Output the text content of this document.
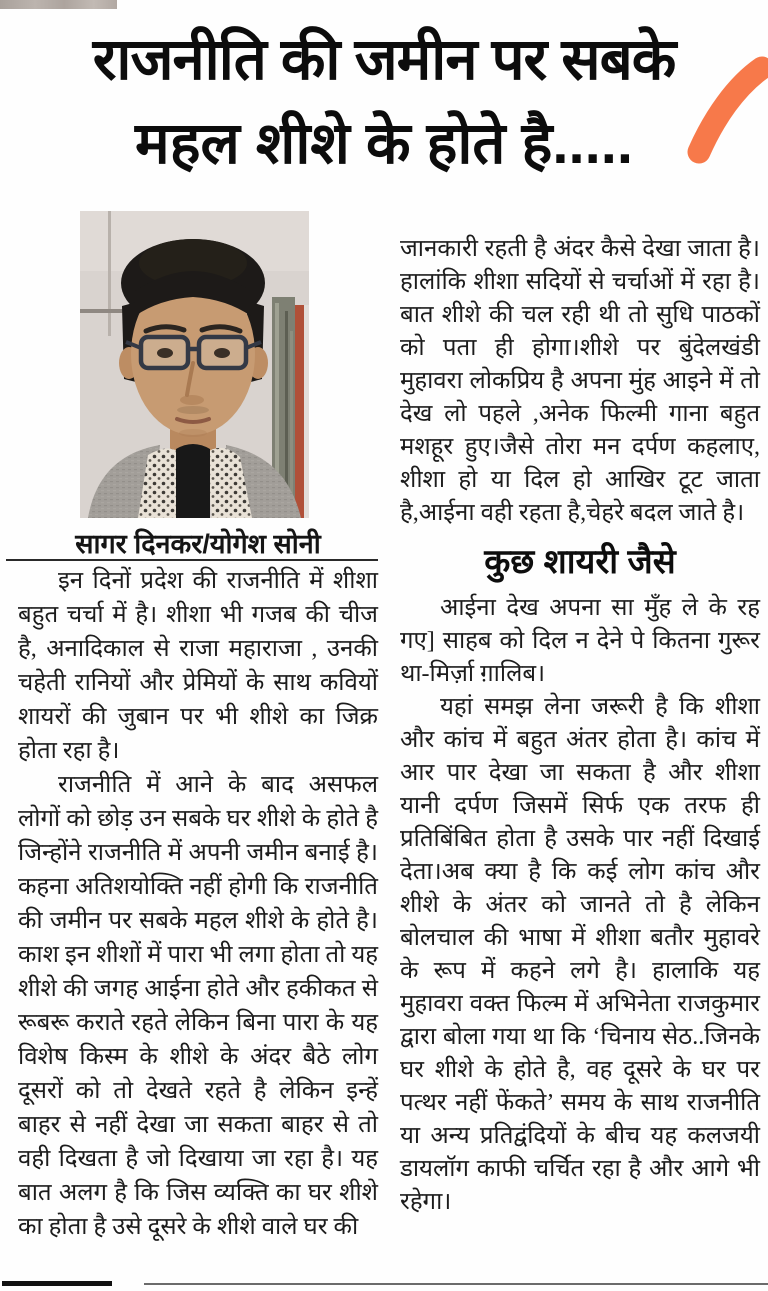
राजनीति की जमीन पर सबके
महल शीशे के होते है.....
सागर दिनकर/योगेश सोनी

इन दिनों प्रदेश की राजनीति में शीशा बहुत चर्चा में है। शीशा भी गजब की चीज है, अनादिकाल से राजा महाराजा , उनकी चहेती रानियों और प्रेमियों के साथ कवियों शायरों की जुबान पर भी शीशे का जिक्र होता रहा है।

राजनीति में आने के बाद असफल लोगों को छोड़ उन सबके घर शीशे के होते है जिन्होंने राजनीति में अपनी जमीन बनाई है। कहना अतिशयोक्ति नहीं होगी कि राजनीति की जमीन पर सबके महल शीशे के होते है।काश इन शीशों में पारा भी लगा होता तो यह शीशे की जगह आईना होते और हकीकत से रूबरू कराते रहते लेकिन बिना पारा के यह विशेष किस्म के शीशे के अंदर बैठे लोग दूसरों को तो देखते रहते है लेकिन इन्हें बाहर से नहीं देखा जा सकता बाहर से तो वही दिखता है जो दिखाया जा रहा है। यह बात अलग है कि जिस व्यक्ति का घर शीशे का होता है उसे दूसरे के शीशे वाले घर की

जानकारी रहती है अंदर कैसे देखा जाता है। हालांकि शीशा सदियों से चर्चाओं में रहा है।बात शीशे की चल रही थी तो सुधि पाठकों को पता ही होगा।शीशे पर बुंदेलखंडी मुहावरा लोकप्रिय है अपना मुंह आइने में तो देख लो पहले ,अनेक फिल्मी गाना बहुत मशहूर हुए।जैसे तोरा मन दर्पण कहलाए, शीशा हो या दिल हो आखिर टूट जाता है,आईना वही रहता है,चेहरे बदल जाते है।

कुछ शायरी जैसे

आईना देख अपना सा मुँह ले के रह गए] साहब को दिल न देने पे कितना गुरूर था-मिर्ज़ा ग़ालिब।

यहां समझ लेना जरूरी है कि शीशा और कांच में बहुत अंतर होता है। कांच में आर पार देखा जा सकता है और शीशा यानी दर्पण जिसमें सिर्फ एक तरफ ही प्रतिबिंबित होता है उसके पार नहीं दिखाई देता।अब क्या है कि कई लोग कांच और शीशे के अंतर को जानते तो है लेकिन बोलचाल की भाषा में शीशा बतौर मुहावरे के रूप में कहने लगे है। हालाकि यह मुहावरा वक्त फिल्म में अभिनेता राजकुमार द्वारा बोला गया था कि ‘चिनाय सेठ..जिनके घर शीशे के होते है, वह दूसरे के घर पर पत्थर नहीं फेंकते’ समय के साथ राजनीति या अन्य प्रतिद्वंदियों के बीच यह कलजयी डायलॉग काफी चर्चित रहा है और आगे भी रहेगा।
